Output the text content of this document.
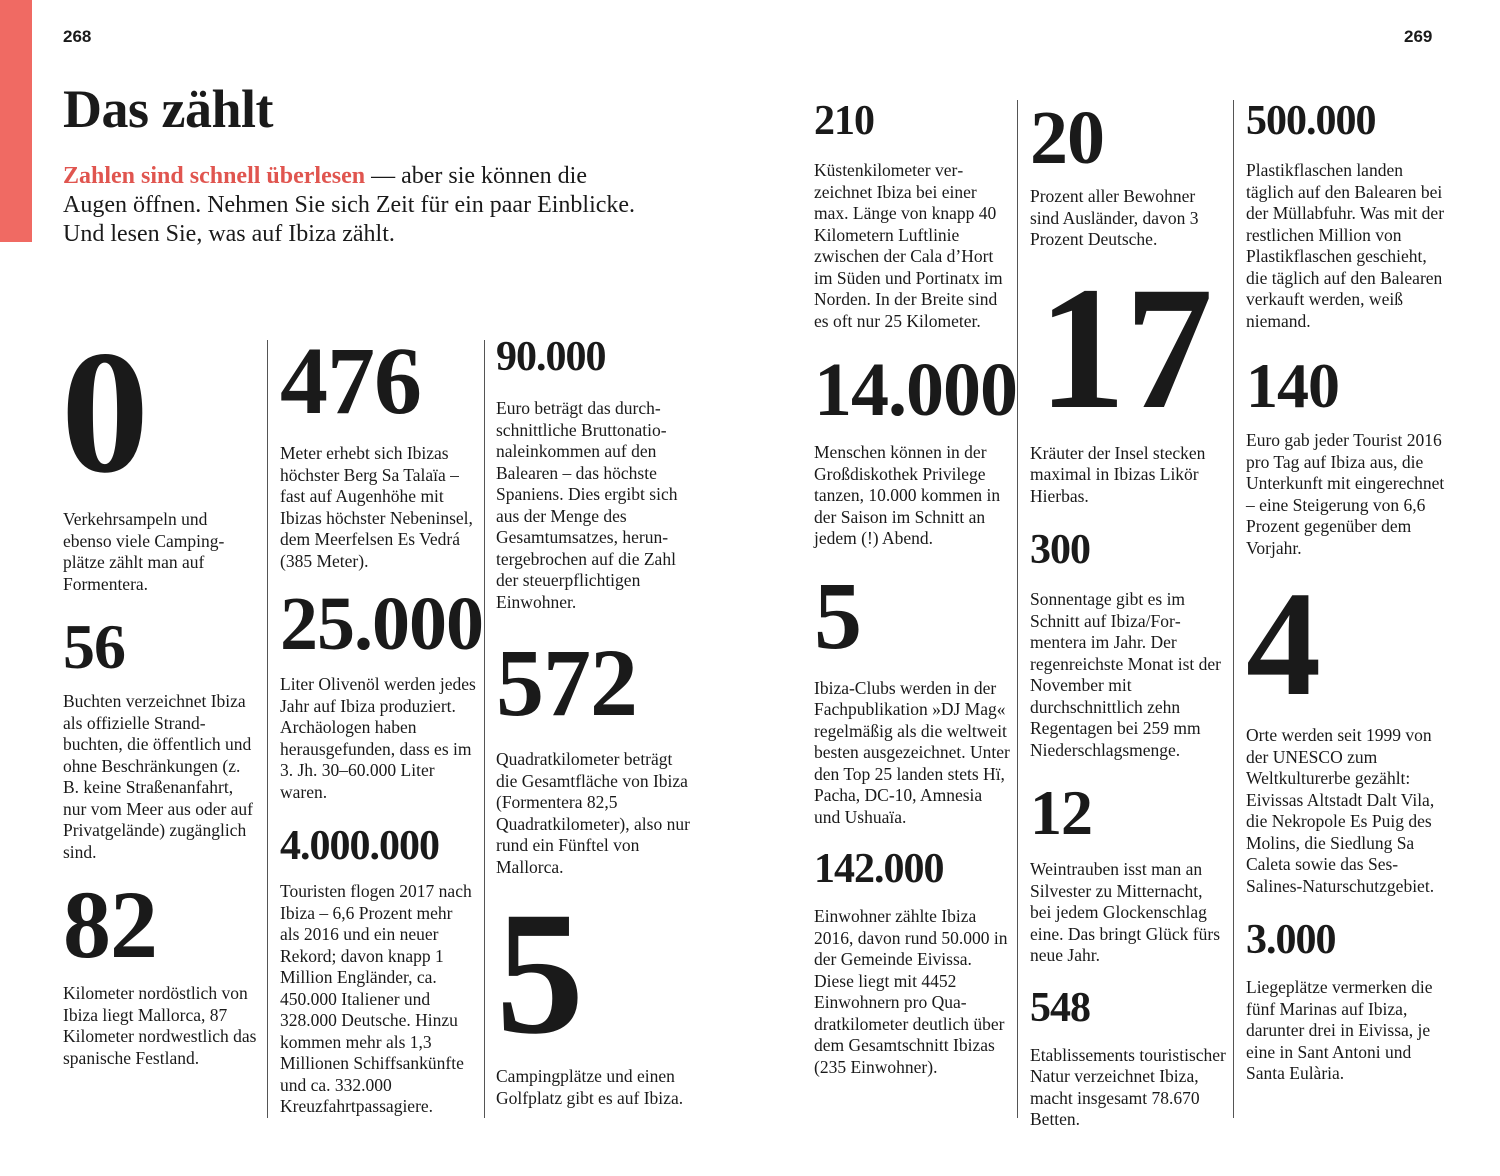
268	269
Das zählt

Zahlen sind schnell überlesen — aber sie können die
Augen öffnen. Nehmen Sie sich Zeit für ein paar Einblicke.
Und lesen Sie, was auf Ibiza zählt.

0
Verkehrsampeln und ebenso viele Campingplätze zählt man auf Formentera.
56
Buchten verzeichnet Ibiza als offizielle Strandbuchten, die öffentlich und ohne Beschränkungen (z. B. keine Straßenanfahrt, nur vom Meer aus oder auf Privatgelände) zugänglich sind.
82
Kilometer nordöstlich von Ibiza liegt Mallorca, 87 Kilometer nordwestlich das spanische Festland.
476
Meter erhebt sich Ibizas höchster Berg Sa Talaïa – fast auf Augenhöhe mit Ibizas höchster Nebeninsel, dem Meerfelsen Es Vedrá (385 Meter).
25.000
Liter Olivenöl werden jedes Jahr auf Ibiza produziert. Archäologen haben herausgefunden, dass es im 3. Jh. 30–60.000 Liter waren.
4.000.000
Touristen flogen 2017 nach Ibiza – 6,6 Prozent mehr als 2016 und ein neuer Rekord; davon knapp 1 Million Engländer, ca. 450.000 Italiener und 328.000 Deutsche. Hinzu kommen mehr als 1,3 Millionen Schiffsankünfte und ca. 332.000 Kreuzfahrtpassagiere.
90.000
Euro beträgt das durchschnittliche Bruttonationaleinkommen auf den Balearen – das höchste Spaniens. Dies ergibt sich aus der Menge des Gesamtumsatzes, heruntergebrochen auf die Zahl der steuerpflichtigen Einwohner.
572
Quadratkilometer beträgt die Gesamtfläche von Ibiza (Formentera 82,5 Quadratkilometer), also nur rund ein Fünftel von Mallorca.
5
Campingplätze und einen Golfplatz gibt es auf Ibiza.
210
Küstenkilometer verzeichnet Ibiza bei einer max. Länge von knapp 40 Kilometern Luftlinie zwischen der Cala d’Hort im Süden und Portinatx im Norden. In der Breite sind es oft nur 25 Kilometer.
14.000
Menschen können in der Großdiskothek Privilege tanzen, 10.000 kommen in der Saison im Schnitt an jedem (!) Abend.
5
Ibiza-Clubs werden in der Fachpublikation »DJ Mag« regelmäßig als die weltweit besten ausgezeichnet. Unter den Top 25 landen stets Hï, Pacha, DC-10, Amnesia und Ushuaïa.
142.000
Einwohner zählte Ibiza 2016, davon rund 50.000 in der Gemeinde Eivissa. Diese liegt mit 4452 Einwohnern pro Quadratkilometer deutlich über dem Gesamtschnitt Ibizas (235 Einwohner).
20
Prozent aller Bewohner sind Ausländer, davon 3 Prozent Deutsche.
17
Kräuter der Insel stecken maximal in Ibizas Likör Hierbas.
300
Sonnentage gibt es im Schnitt auf Ibiza/Formentera im Jahr. Der regenreichste Monat ist der November mit durchschnittlich zehn Regentagen bei 259 mm Niederschlagsmenge.
12
Weintrauben isst man an Silvester zu Mitternacht, bei jedem Glockenschlag eine. Das bringt Glück fürs neue Jahr.
548
Etablissements touristischer Natur verzeichnet Ibiza, macht insgesamt 78.670 Betten.
500.000
Plastikflaschen landen täglich auf den Balearen bei der Müllabfuhr. Was mit der restlichen Million von Plastikflaschen geschieht, die täglich auf den Balearen verkauft werden, weiß niemand.
140
Euro gab jeder Tourist 2016 pro Tag auf Ibiza aus, die Unterkunft mit eingerechnet – eine Steigerung von 6,6 Prozent gegenüber dem Vorjahr.
4
Orte werden seit 1999 von der UNESCO zum Weltkulturerbe gezählt: Eivissas Altstadt Dalt Vila, die Nekropole Es Puig des Molins, die Siedlung Sa Caleta sowie das Ses-Salines-Naturschutzgebiet.
3.000
Liegeplätze vermerken die fünf Marinas auf Ibiza, darunter drei in Eivissa, je eine in Sant Antoni und Santa Eulària.
